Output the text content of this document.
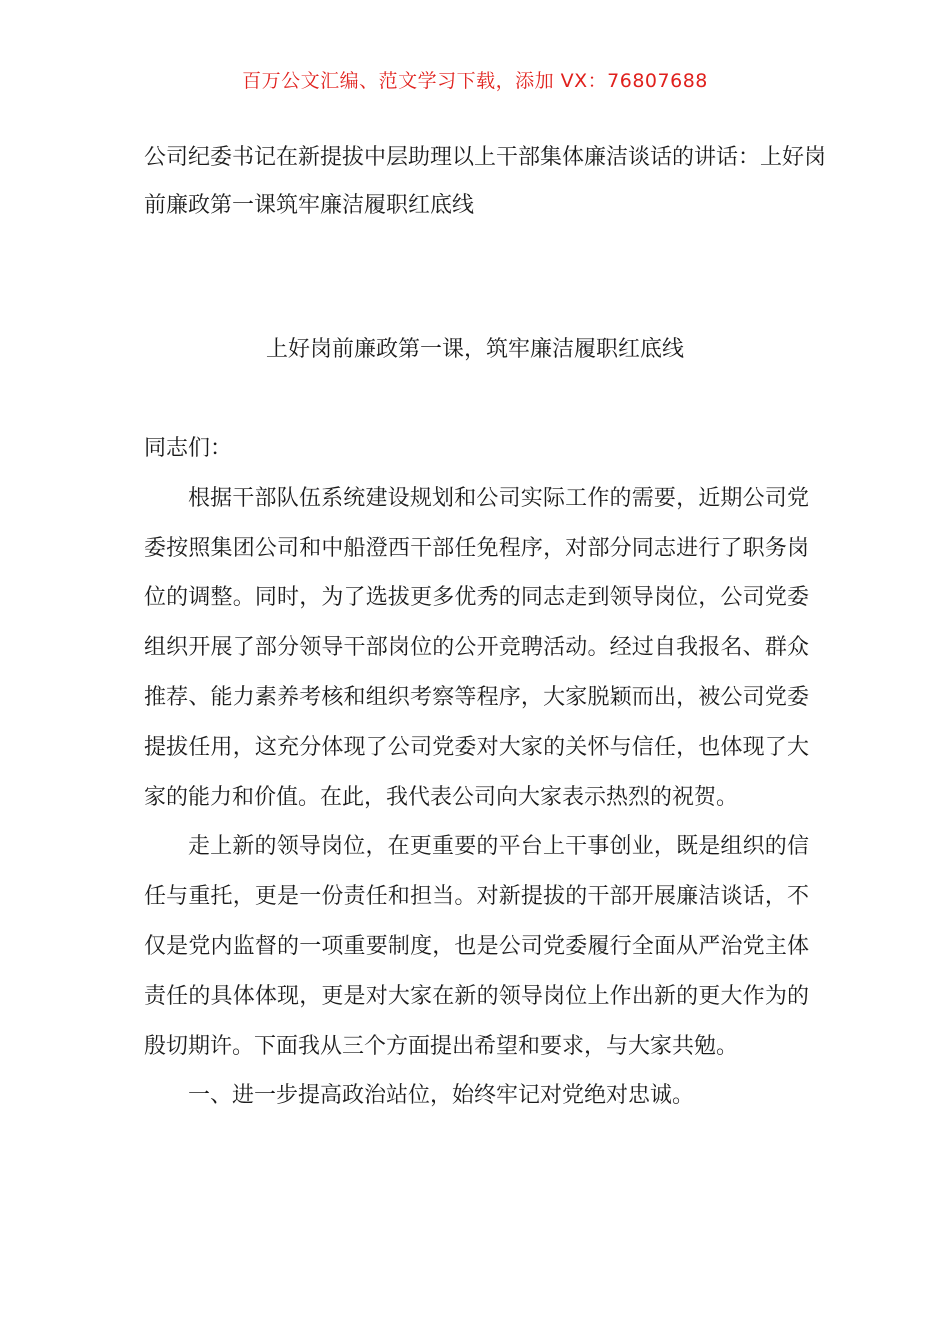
百万公文汇编、范文学习下载，添加 VX：76807688
公司纪委书记在新提拔中层助理以上干部集体廉洁谈话的讲话：上好岗前廉政第一课筑牢廉洁履职红底线
上好岗前廉政第一课，筑牢廉洁履职红底线

同志们：

根据干部队伍系统建设规划和公司实际工作的需要，近期公司党委按照集团公司和中船澄西干部任免程序，对部分同志进行了职务岗位的调整。同时，为了选拔更多优秀的同志走到领导岗位，公司党委组织开展了部分领导干部岗位的公开竞聘活动。经过自我报名、群众推荐、能力素养考核和组织考察等程序，大家脱颖而出，被公司党委提拔任用，这充分体现了公司党委对大家的关怀与信任，也体现了大家的能力和价值。在此，我代表公司向大家表示热烈的祝贺。

走上新的领导岗位，在更重要的平台上干事创业，既是组织的信任与重托，更是一份责任和担当。对新提拔的干部开展廉洁谈话，不仅是党内监督的一项重要制度，也是公司党委履行全面从严治党主体责任的具体体现，更是对大家在新的领导岗位上作出新的更大作为的殷切期许。下面我从三个方面提出希望和要求，与大家共勉。

一、进一步提高政治站位，始终牢记对党绝对忠诚。
